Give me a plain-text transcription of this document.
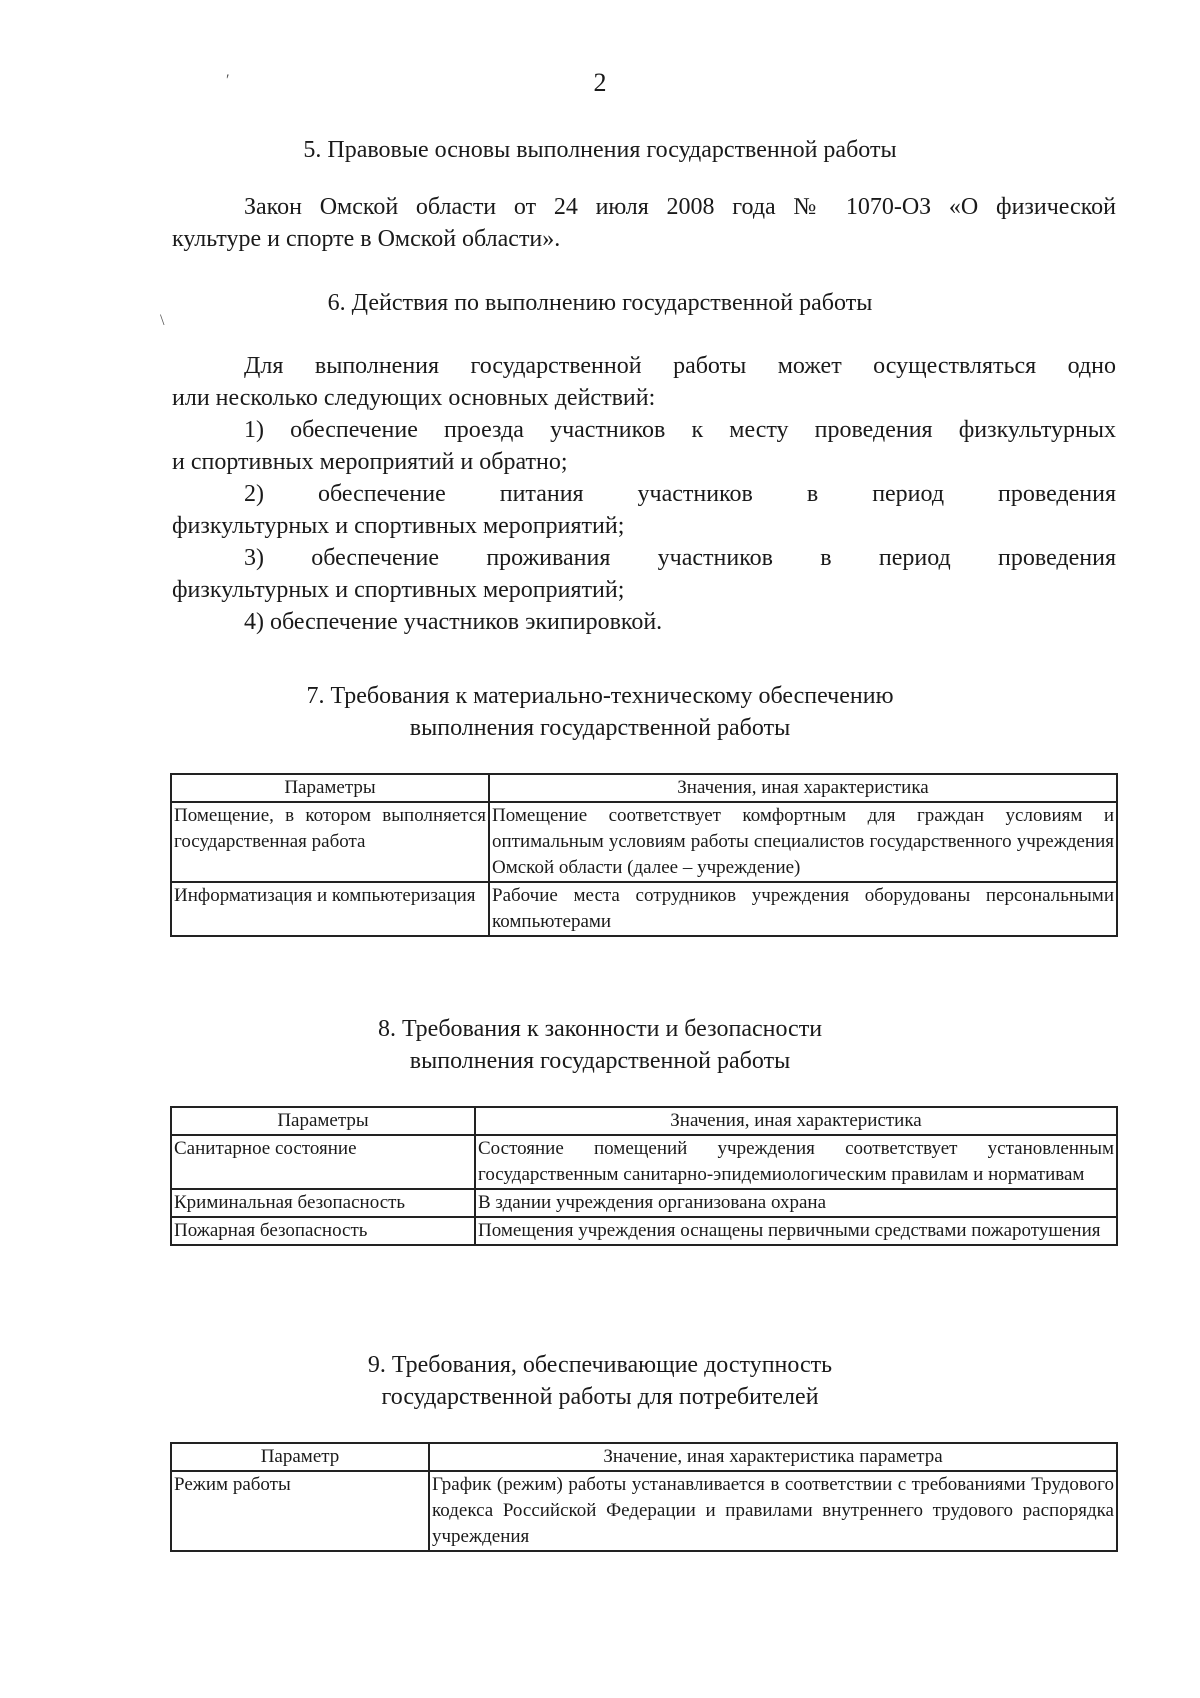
′
\
2
5. Правовые основы выполнения государственной работы
Закон Омской области от 24 июля 2008 года № 1070-ОЗ «О физической
культуре и спорте в Омской области».
6. Действия по выполнению государственной работы
Для выполнения государственной работы может осуществляться одно
или несколько следующих основных действий:
1) обеспечение проезда участников к месту проведения физкультурных
и спортивных мероприятий и обратно;
2) обеспечение питания участников в период проведения
физкультурных и спортивных мероприятий;
3) обеспечение проживания участников в период проведения
физкультурных и спортивных мероприятий;
4) обеспечение участников экипировкой.
7. Требования к материально-техническому обеспечению
выполнения государственной работы
Параметры	Значения, иная характеристика
Помещение, в котором выполняется государственная работа	Помещение соответствует комфортным для граждан условиям и оптимальным условиям работы специалистов государственного учреждения Омской области (далее – учреждение)
Информатизация и компьютеризация	Рабочие места сотрудников учреждения оборудованы персональными компьютерами
8. Требования к законности и безопасности
выполнения государственной работы
Параметры	Значения, иная характеристика
Санитарное состояние	Состояние помещений учреждения соответствует установленным государственным санитарно-эпидемиологическим правилам и нормативам
Криминальная безопасность	В здании учреждения организована охрана
Пожарная безопасность	Помещения учреждения оснащены первичными средствами пожаротушения
9. Требования, обеспечивающие доступность
государственной работы для потребителей
Параметр	Значение, иная характеристика параметра
Режим работы	График (режим) работы устанавливается в соответствии с требованиями Трудового кодекса Российской Федерации и правилами внутреннего трудового распорядка учреждения
